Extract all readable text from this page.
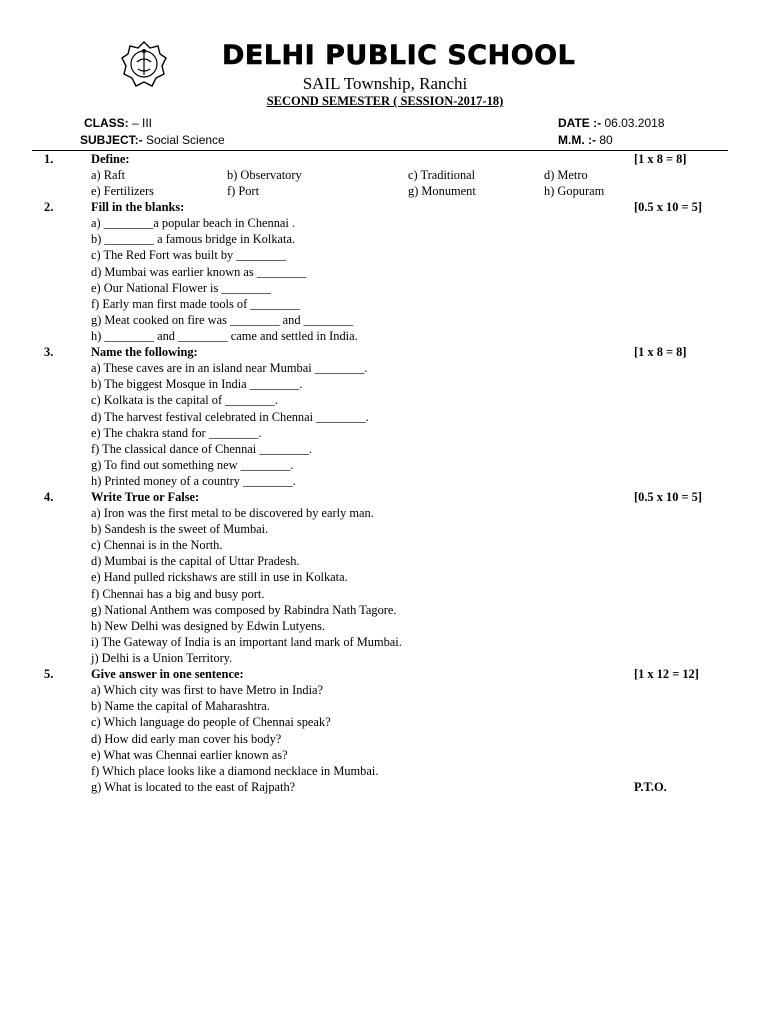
DELHI PUBLIC SCHOOL
SAIL Township, Ranchi
SECOND SEMESTER ( SESSION-2017-18)
CLASS: – III
SUBJECT:- Social Science
DATE :- 06.03.2018
M.M. :- 80
1.	Define:	[1 x 8 = 8]
a) Raft	b) Observatory	c) Traditional	d) Metro
e) Fertilizers	f) Port	g) Monument	h) Gopuram
2.	Fill in the blanks:	[0.5 x 10 = 5]
a) ________a popular beach in Chennai .
b) ________ a famous bridge in Kolkata.
c) The Red Fort was built by ________
d) Mumbai was earlier known as ________
e) Our National Flower is ________
f) Early man first made tools of ________
g) Meat cooked on fire was ________ and ________
h) ________ and ________ came and settled in India.
3.	Name the following:	[1 x 8 = 8]
a) These caves are in an island near Mumbai ________.
b) The biggest Mosque in India ________.
c) Kolkata is the capital of ________.
d) The harvest festival celebrated in Chennai ________.
e) The chakra stand for ________.
f) The classical dance of Chennai ________.
g) To find out something new ________.
h) Printed money of a country ________.
4.	Write True or False:	[0.5 x 10 = 5]
a) Iron was the first metal to be discovered by early man.
b) Sandesh is the sweet of Mumbai.
c) Chennai is in the North.
d) Mumbai is the capital of Uttar Pradesh.
e) Hand pulled rickshaws are still in use in Kolkata.
f) Chennai has a big and busy port.
g) National Anthem was composed by Rabindra Nath Tagore.
h) New Delhi was designed by Edwin Lutyens.
i) The Gateway of India is an important land mark of Mumbai.
j) Delhi is a Union Territory.
5.	Give answer in one sentence:	[1 x 12 = 12]
a) Which city was first to have Metro in India?
b) Name the capital of Maharashtra.
c) Which language do people of Chennai speak?
d) How did early man cover his body?
e) What was Chennai earlier known as?
f) Which place looks like a diamond necklace in Mumbai.
g) What is located to the east of Rajpath?	P.T.O.
